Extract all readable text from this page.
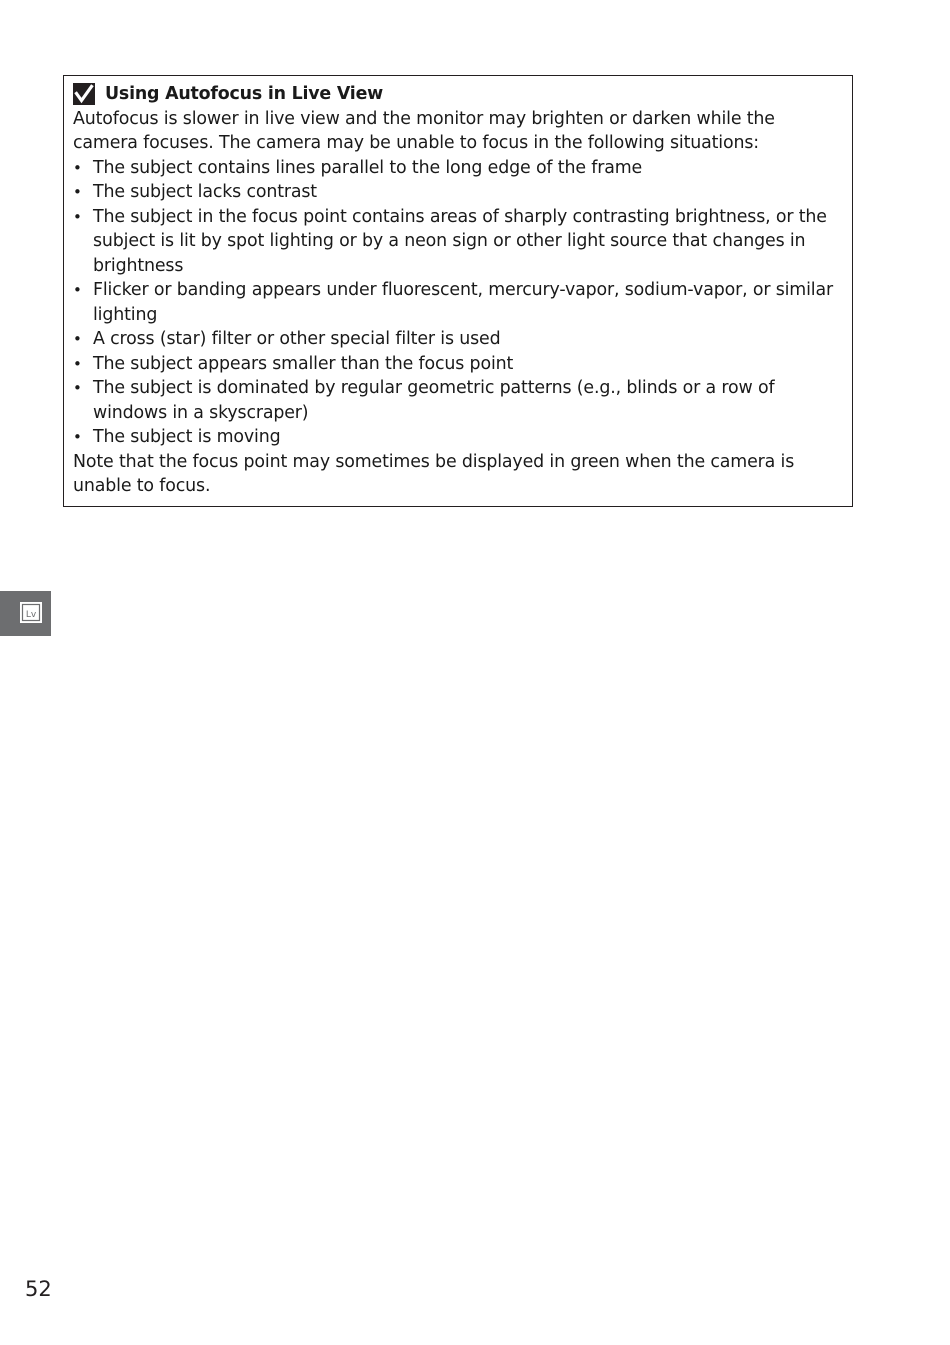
Using Autofocus in Live View

Autofocus is slower in live view and the monitor may brighten or darken while the camera focuses. The camera may be unable to focus in the following situations:

• The subject contains lines parallel to the long edge of the frame
• The subject lacks contrast
• The subject in the focus point contains areas of sharply contrasting brightness, or the subject is lit by spot lighting or by a neon sign or other light source that changes in brightness
• Flicker or banding appears under fluorescent, mercury-vapor, sodium-vapor, or similar lighting
• A cross (star) filter or other special filter is used
• The subject appears smaller than the focus point
• The subject is dominated by regular geometric patterns (e.g., blinds or a row of windows in a skyscraper)
• The subject is moving

Note that the focus point may sometimes be displayed in green when the camera is unable to focus.

Lv
52
